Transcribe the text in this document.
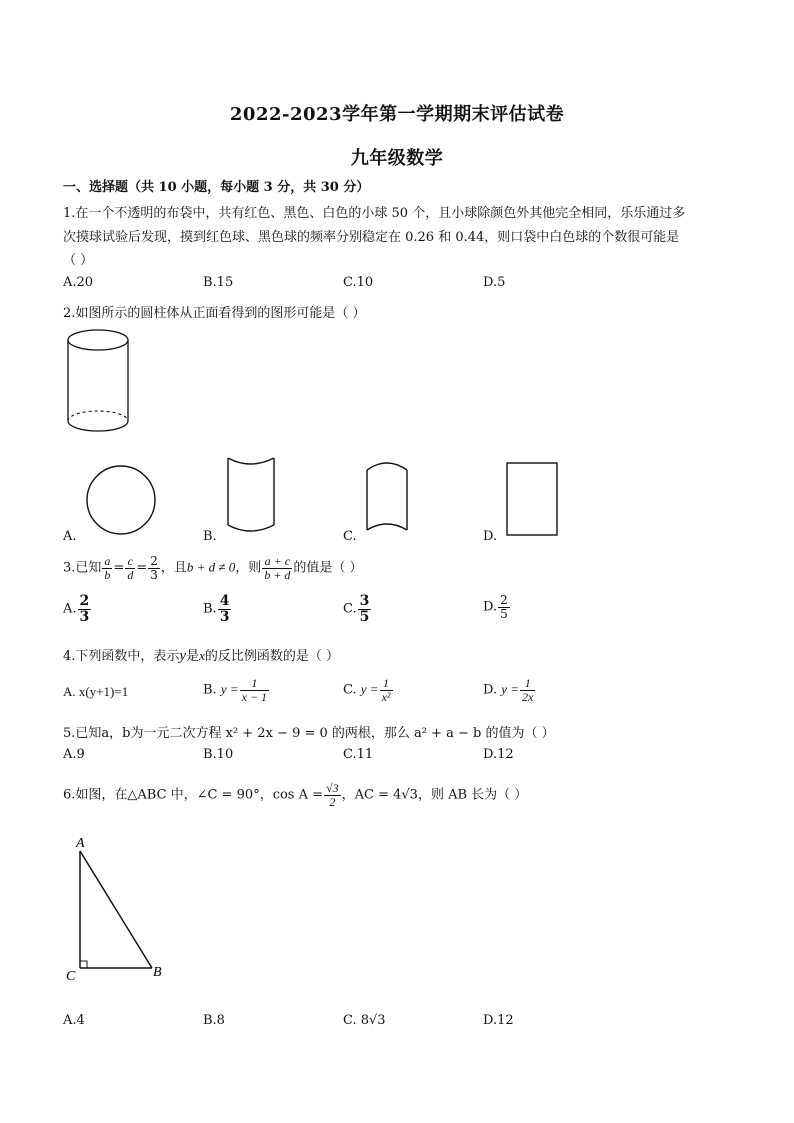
2022-2023学年第一学期期末评估试卷
九年级数学
一、选择题（共 10 小题，每小题 3 分，共 30 分）
1.在一个不透明的布袋中，共有红色、黑色、白色的小球 50 个，且小球除颜色外其他完全相同，乐乐通过多
次摸球试验后发现，摸到红色球、黑色球的频率分别稳定在 0.26 和 0.44，则口袋中白色球的个数很可能是
（ ）
A.20	B.15	C.10	D.5
2.如图所示的圆柱体从正面看得到的图形可能是（ ）
A.	B.	C.	D.
3.已知 $\frac{a}{b} = \frac{c}{d} = \frac{2}{3}$ ，且b + d ≠ 0，则 $\frac{a + c}{b + d}$ 的值是（ ）
A. $\frac{2}{3}$	B. $\frac{4}{3}$	C. $\frac{3}{5}$	D. $\frac{2}{5}$
4.下列函数中，表示y是x的反比例函数的是（ ）
A. x(y+1)=1	B. $y = \frac{1}{x - 1}$	C. $y = \frac{1}{\text{x²}}$	D. $y = \frac{1}{2x}$
5.已知a，b为一元二次方程 x² + 2x − 9 = 0 的两根，那么 a² + a − b 的值为（ ）
A.9	B.10	C.11	D.12
6.如图，在△ABC 中，∠C = 90°，$\cos A = \frac{√3}{2}$ ，AC = 4√3，则 AB 长为（ ）
A
C	B
A.4	B.8	C. 8√3	D.12
